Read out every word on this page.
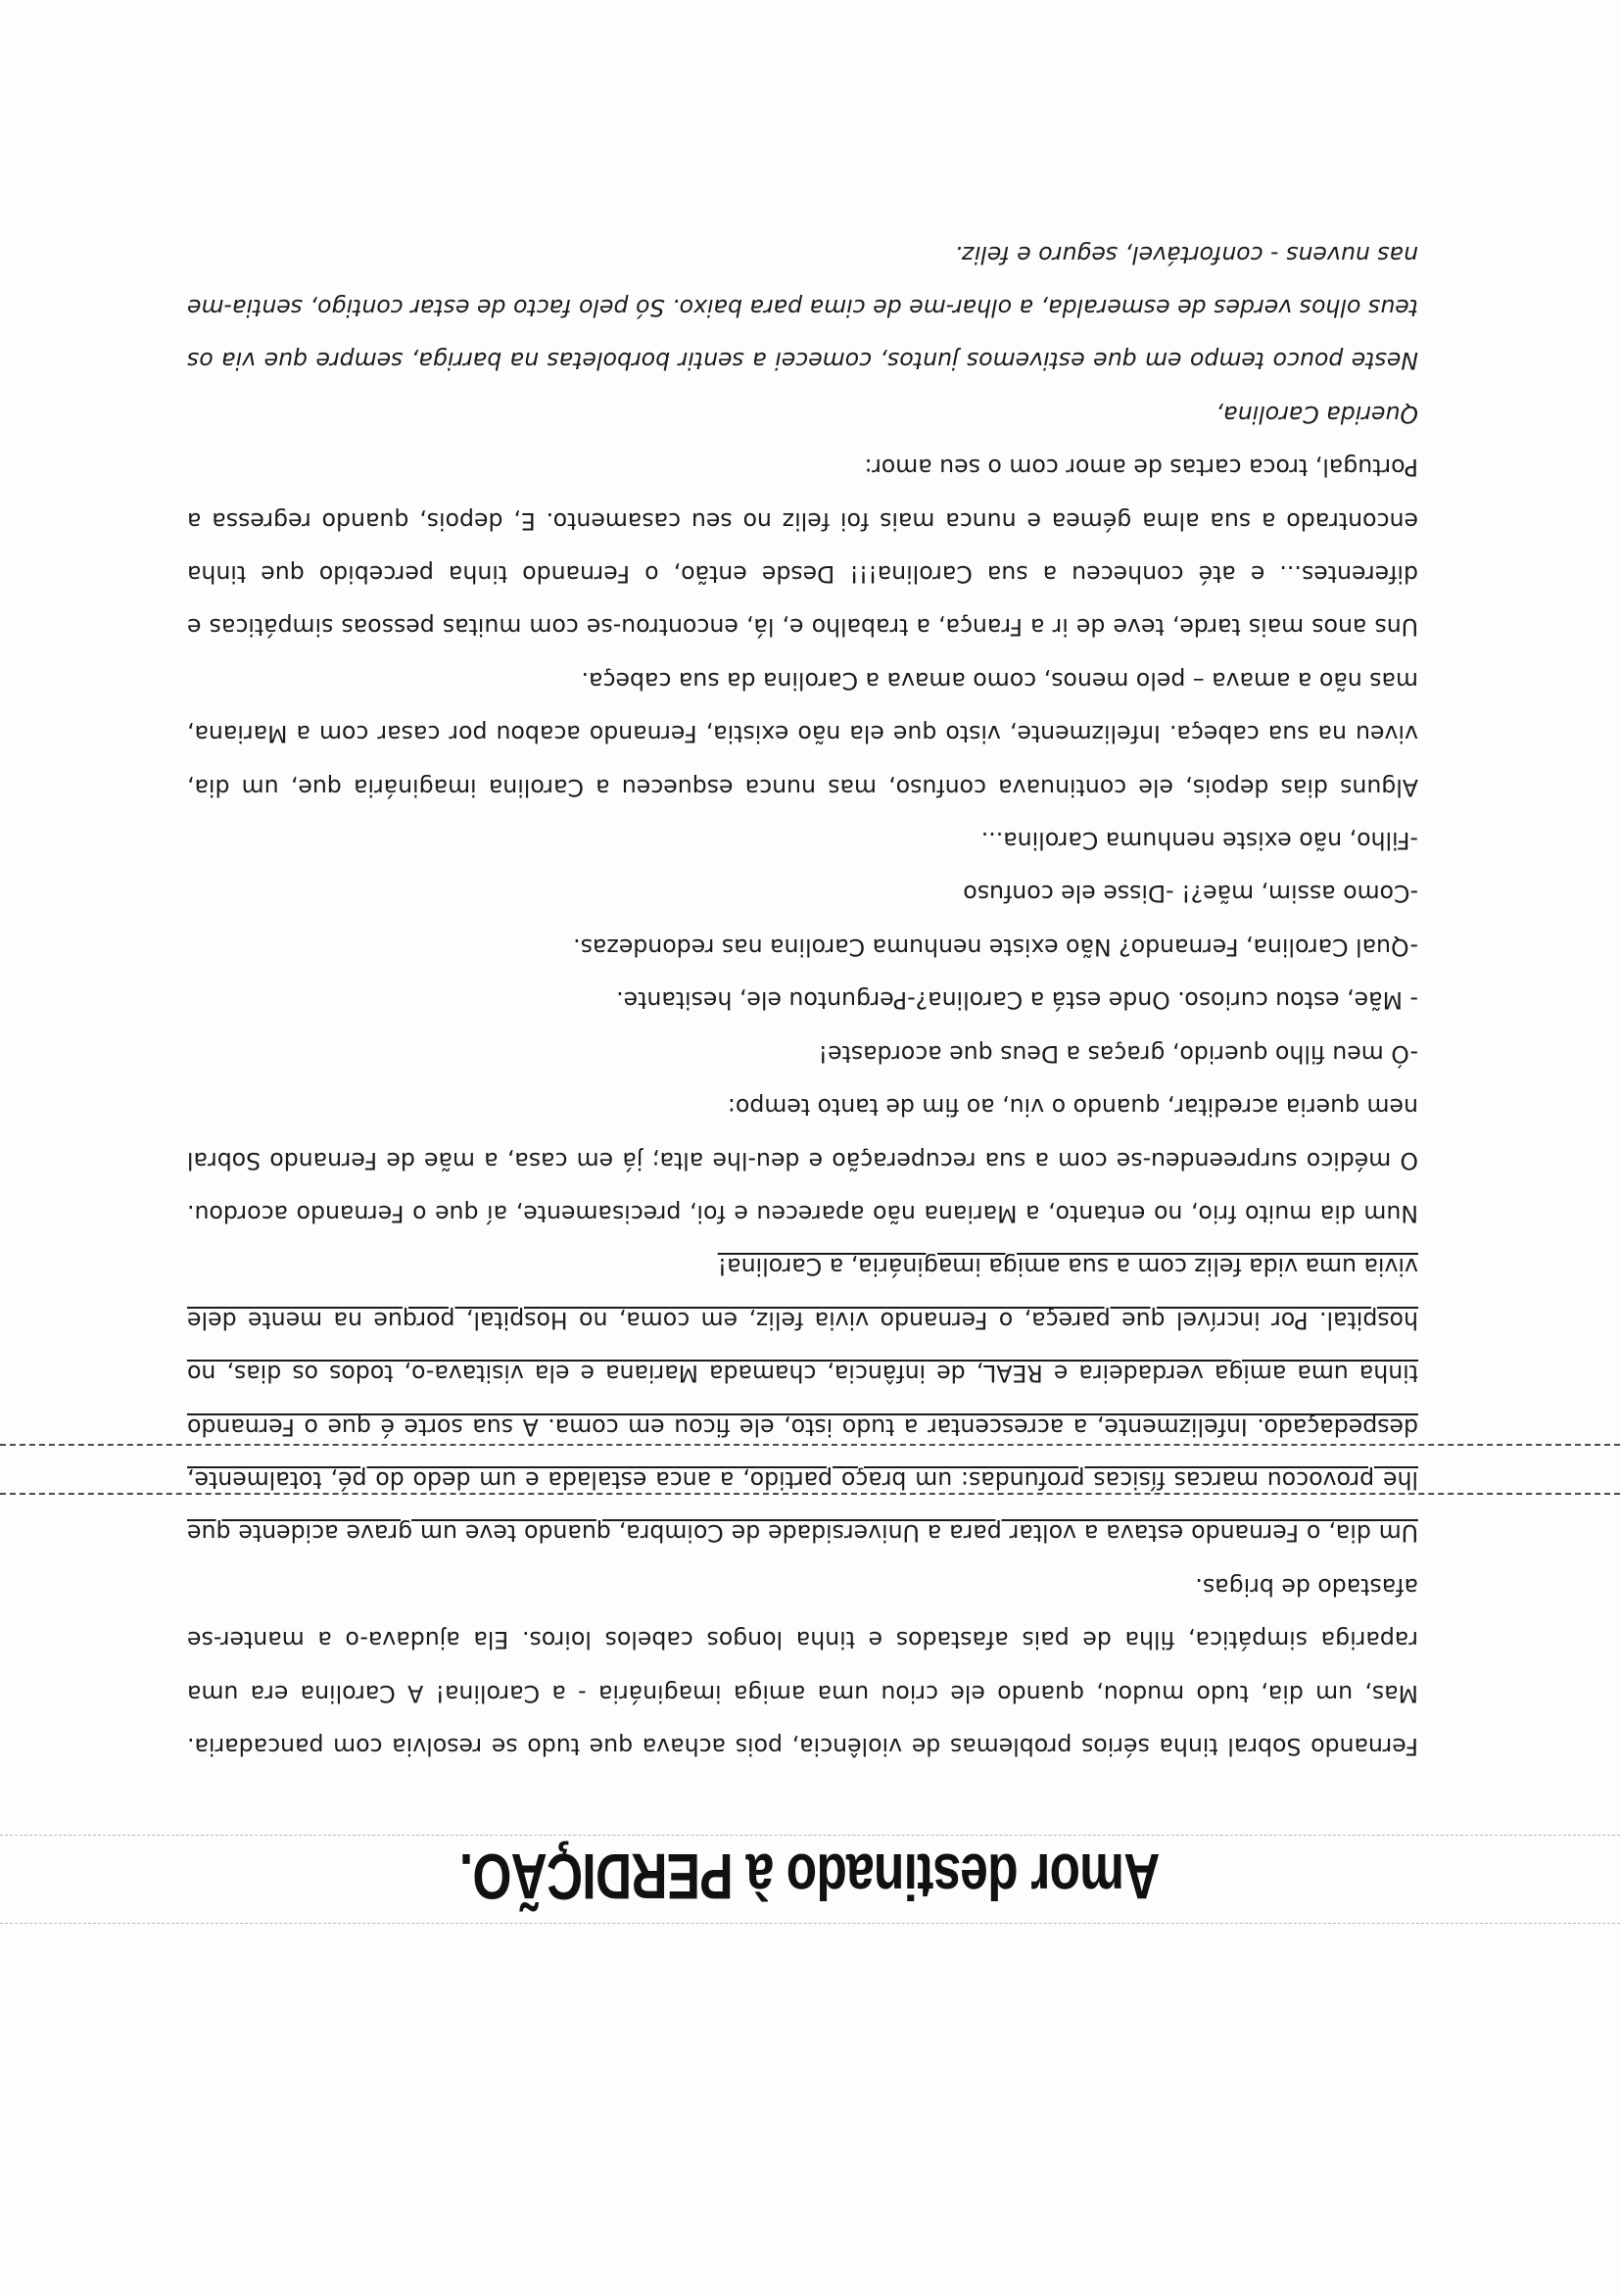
Amor destinado à PERDIÇÃO.

Fernando Sobral tinha sérios problemas de violência, pois achava que tudo se resolvia com pancadaria. Mas, um dia, tudo mudou, quando ele criou uma amiga imaginária - a Carolina! A Carolina era uma rapariga simpática, filha de pais afastados e tinha longos cabelos loiros. Ela ajudava-o a manter-se afastado de brigas.

Um dia, o Fernando estava a voltar para a Universidade de Coimbra, quando teve um grave acidente que lhe provocou marcas físicas profundas: um braço partido, a anca estalada e um dedo do pé, totalmente, despedaçado. Infelizmente, a acrescentar a tudo isto, ele ficou em coma. A sua sorte é que o Fernando tinha uma amiga verdadeira e REAL, de infância, chamada Mariana e ela visitava-o, todos os dias, no hospital. Por incrível que pareça, o Fernando vivia feliz, em coma, no Hospital, porque na mente dele vivia uma vida feliz com a sua amiga imaginária, a Carolina!

Num dia muito frio, no entanto, a Mariana não apareceu e foi, precisamente, aí que o Fernando acordou. O médico surpreendeu-se com a sua recuperação e deu-lhe alta; já em casa, a mãe de Fernando Sobral nem queria acreditar, quando o viu, ao fim de tanto tempo:

-Ó meu filho querido, graças a Deus que acordaste!

- Mãe, estou curioso. Onde está a Carolina?-Perguntou ele, hesitante.

-Qual Carolina, Fernando? Não existe nenhuma Carolina nas redondezas.

-Como assim, mãe?! -Disse ele confuso

-Filho, não existe nenhuma Carolina...

Alguns dias depois, ele continuava confuso, mas nunca esqueceu a Carolina imaginária que, um dia, viveu na sua cabeça. Infelizmente, visto que ela não existia, Fernando acabou por casar com a Mariana, mas não a amava – pelo menos, como amava a Carolina da sua cabeça.

Uns anos mais tarde, teve de ir a França, a trabalho e, lá, encontrou-se com muitas pessoas simpáticas e diferentes... e até conheceu a sua Carolina!!! Desde então, o Fernando tinha percebido que tinha encontrado a sua alma gémea e nunca mais foi feliz no seu casamento. E, depois, quando regressa a Portugal, troca cartas de amor com o seu amor:

Querida Carolina,

Neste pouco tempo em que estivemos juntos, comecei a sentir borboletas na barriga, sempre que via os teus olhos verdes de esmeralda, a olhar-me de cima para baixo. Só pelo facto de estar contigo, sentia-me nas nuvens - confortável, seguro e feliz.
